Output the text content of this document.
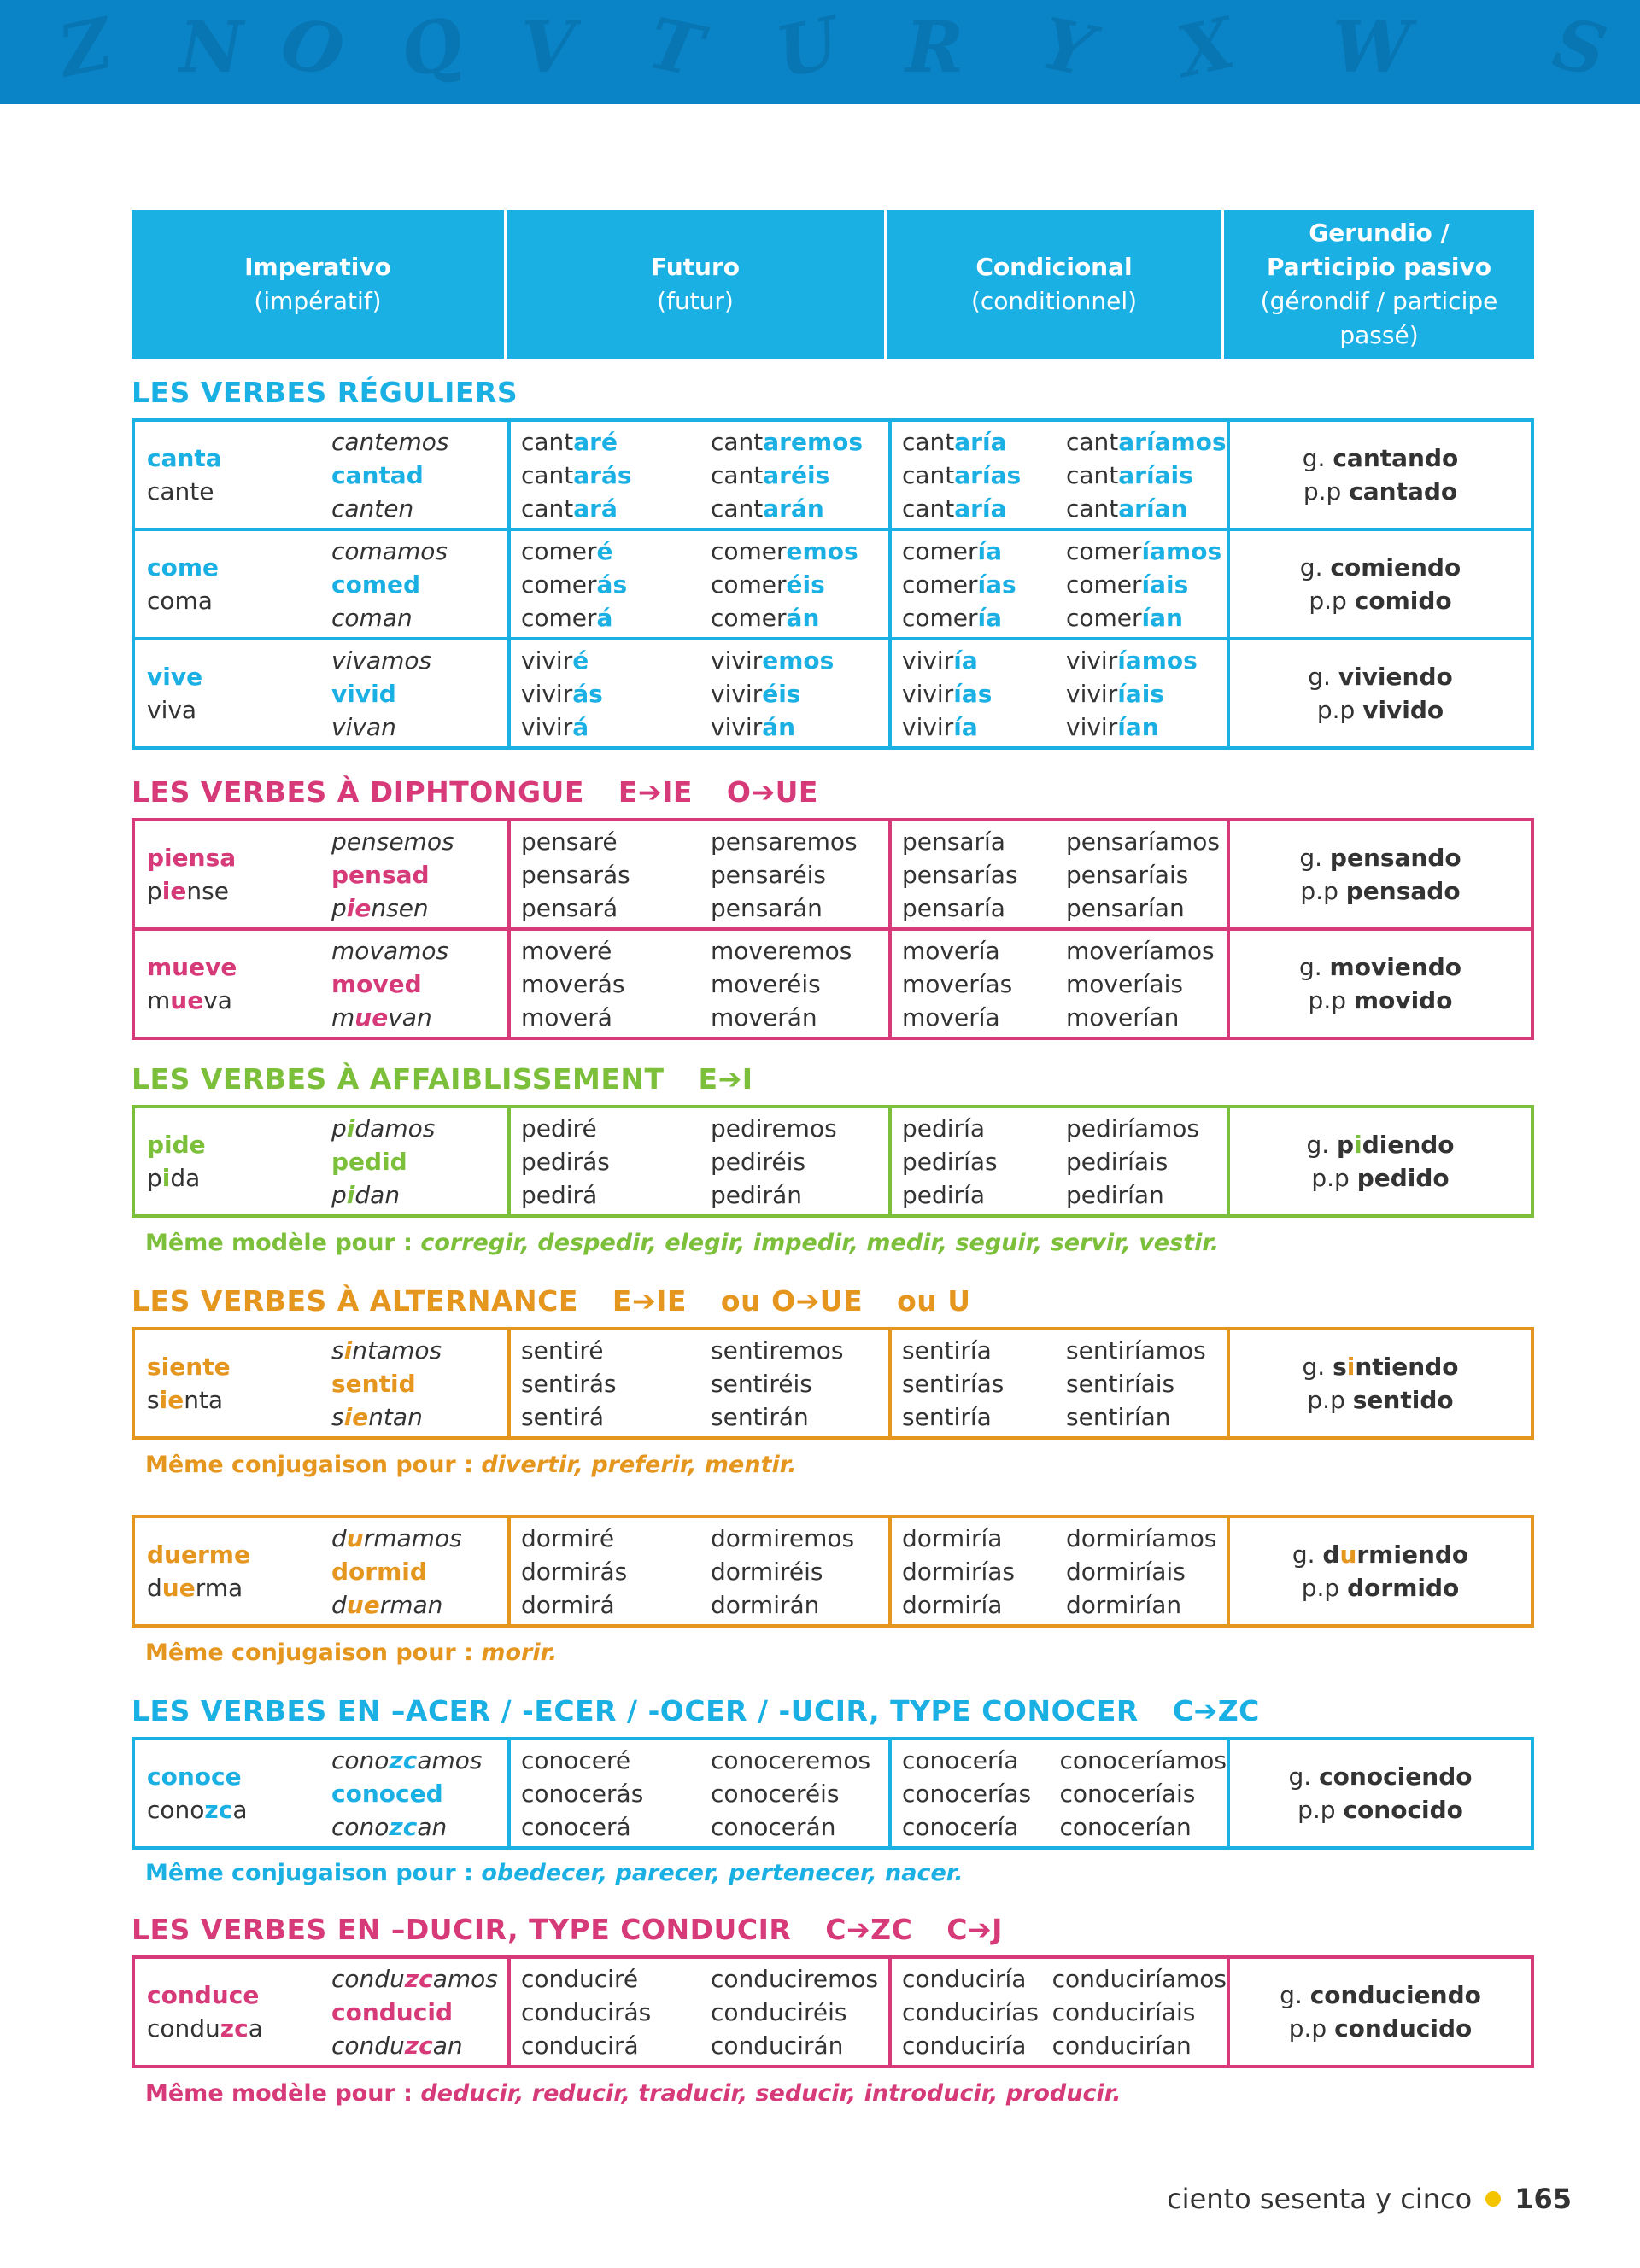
Z N O Q V T U R Y X W S
Imperativo
(impératif)
Futuro
(futur)
Condicional
(conditionnel)
Gerundio / Participio pasivo
(gérondif / participe passé)
LES VERBES RÉGULIERS
canta
cante
cantemos
cantad
canten
cantaré
cantarás
cantará
cantaremos
cantaréis
cantarán
cantaría
cantarías
cantaría
cantaríamos
cantaríais
cantarían
g. cantando
p.p cantado
come
coma
comamos
comed
coman
comeré
comerás
comerá
comeremos
comeréis
comerán
comería
comerías
comería
comeríamos
comeríais
comerían
g. comiendo
p.p comido
vive
viva
vivamos
vivid
vivan
viviré
vivirás
vivirá
viviremos
viviréis
vivirán
viviría
vivirías
viviría
viviríamos
viviríais
vivirían
g. viviendo
p.p vivido
LES VERBES À DIPHTONGUE E➔IE O➔UE
piensa
piense
pensemos
pensad
piensen
pensaré
pensarás
pensará
pensaremos
pensaréis
pensarán
pensaría
pensarías
pensaría
pensaríamos
pensaríais
pensarían
g. pensando
p.p pensado
mueve
mueva
movamos
moved
muevan
moveré
moverás
moverá
moveremos
moveréis
moverán
movería
moverías
movería
moveríamos
moveríais
moverían
g. moviendo
p.p movido
LES VERBES À AFFAIBLISSEMENT E➔I
pide
pida
pidamos
pedid
pidan
pediré
pedirás
pedirá
pediremos
pediréis
pedirán
pediría
pedirías
pediría
pediríamos
pediríais
pedirían
g. pidiendo
p.p pedido
Même modèle pour : corregir, despedir, elegir, impedir, medir, seguir, servir, vestir.
LES VERBES À ALTERNANCE E➔IE ou O➔UE ou U
siente
sienta
sintamos
sentid
sientan
sentiré
sentirás
sentirá
sentiremos
sentiréis
sentirán
sentiría
sentirías
sentiría
sentiríamos
sentiríais
sentirían
g. sintiendo
p.p sentido
Même conjugaison pour : divertir, preferir, mentir.
duerme
duerma
durmamos
dormid
duerman
dormiré
dormirás
dormirá
dormiremos
dormiréis
dormirán
dormiría
dormirías
dormiría
dormiríamos
dormiríais
dormirían
g. durmiendo
p.p dormido
Même conjugaison pour : morir.
LES VERBES EN –ACER / -ECER / -OCER / -UCIR, TYPE CONOCER C➔ZC
conoce
conozca
conozcamos
conoced
conozcan
conoceré
conocerás
conocerá
conoceremos
conoceréis
conocerán
conocería
conocerías
conocería
conoceríamos
conoceríais
conocerían
g. conociendo
p.p conocido
Même conjugaison pour : obedecer, parecer, pertenecer, nacer.
LES VERBES EN –DUCIR, TYPE CONDUCIR C➔ZC C➔J
conduce
conduzca
conduzcamos
conducid
conduzcan
conduciré
conducirás
conducirá
conduciremos
conduciréis
conducirán
conduciría
conducirías
conduciría
conduciríamos
conduciríais
conducirían
g. conduciendo
p.p conducido
Même modèle pour : deducir, reducir, traducir, seducir, introducir, producir.
ciento sesenta y cinco 165
